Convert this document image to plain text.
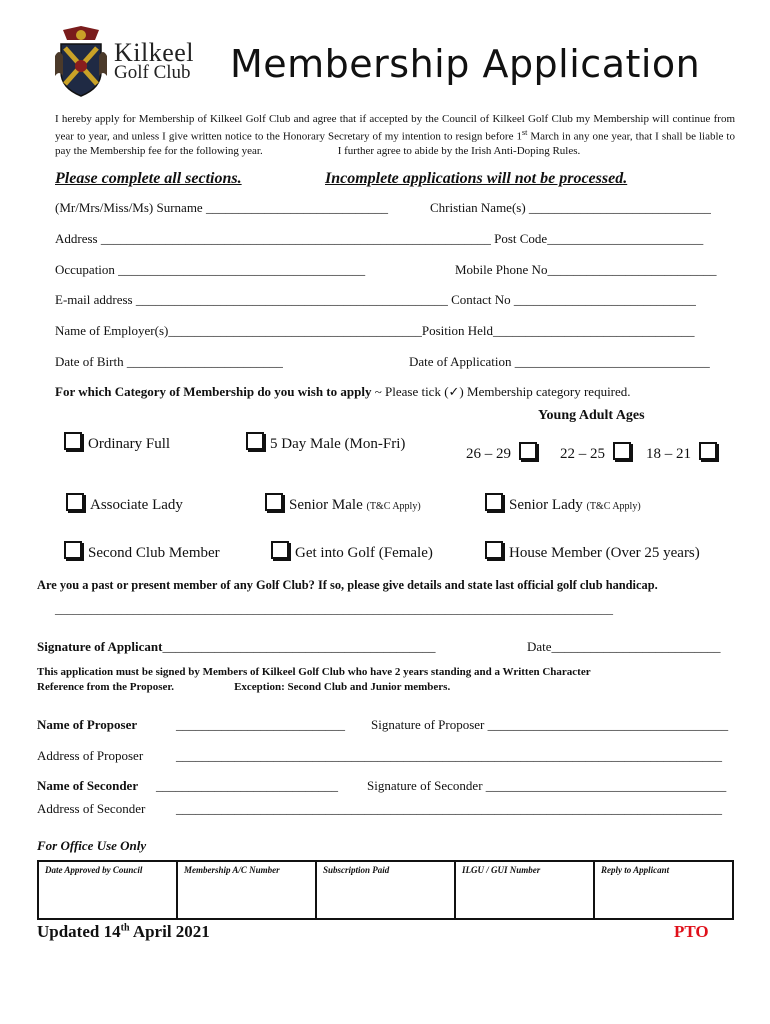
Kilkeel
Golf Club Membership Application
I hereby apply for Membership of Kilkeel Golf Club and agree that if accepted by the Council of Kilkeel Golf Club my Membership will continue from year to year, and unless I give written notice to the Honorary Secretary of my intention to resign before 1st March in any one year, that I shall be liable to pay the Membership fee for the following year.	I further agree to abide by the Irish Anti-Doping Rules.
Please complete all sections.	Incomplete applications will not be processed.
(Mr/Mrs/Miss/Ms) Surname ____________________________	Christian Name(s) ____________________________
Address ____________________________________________________________ Post Code________________________
Occupation ______________________________________	Mobile Phone No__________________________
E-mail address ________________________________________________ Contact No ____________________________
Name of Employer(s)_______________________________________Position Held_______________________________
Date of Birth ________________________	Date of Application ______________________________
For which Category of Membership do you wish to apply ~ Please tick (✓) Membership category required.
Young Adult Ages
Ordinary Full	5 Day Male (Mon-Fri)
26 – 29	22 – 25	18 – 21
Associate Lady	Senior Male (T&C Apply)	Senior Lady (T&C Apply)
Second Club Member	Get into Golf (Female)	House Member (Over 25 years)
Are you a past or present member of any Golf Club? If so, please give details and state last official golf club handicap.
_____________________________________________________________________________________________
Signature of Applicant__________________________________________	Date__________________________
This application must be signed by Members of Kilkeel Golf Club who have 2 years standing and a Written Character
Reference from the Proposer.	Exception: Second Club and Junior members.
Name of Proposer	__________________________ Signature of Proposer _____________________________________
Address of Proposer	____________________________________________________________________________________
Name of Seconder ____________________________ Signature of Seconder _____________________________________
Address of Seconder ____________________________________________________________________________________
For Office Use Only
Date Approved by Council	Membership A/C Number	Subscription Paid	ILGU / GUI Number	Reply to Applicant
Updated 14th April 2021	PTO
